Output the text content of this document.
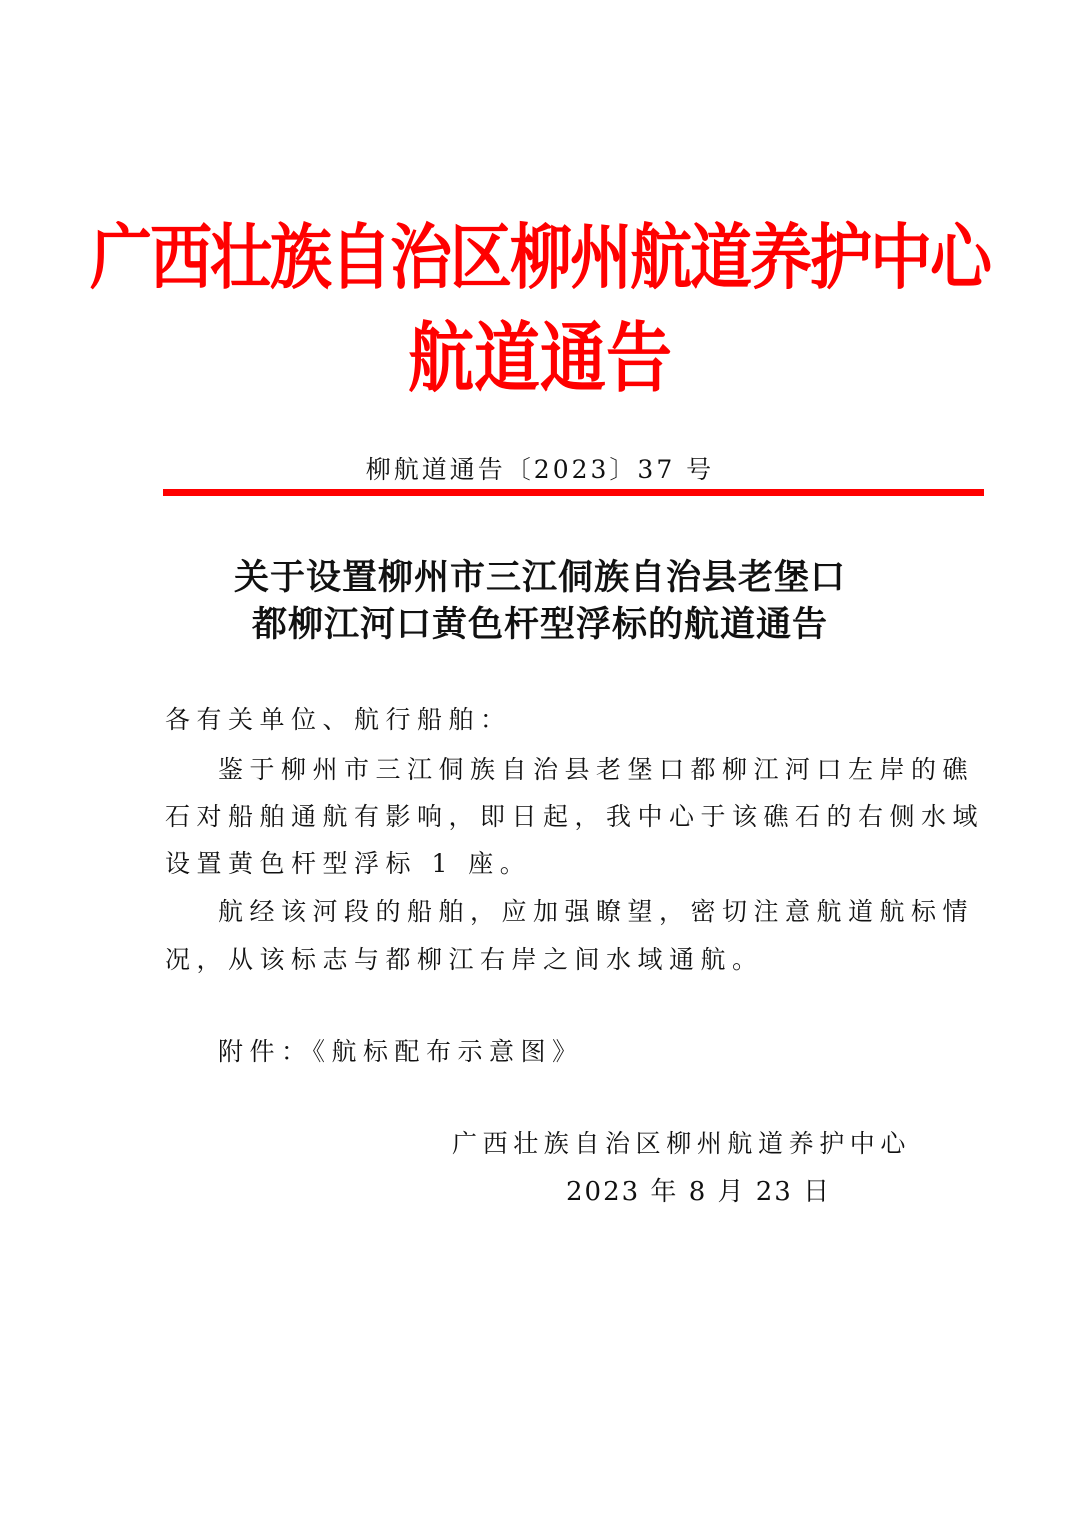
广西壮族自治区柳州航道养护中心
航道通告
柳航道通告〔2023〕37 号
关于设置柳州市三江侗族自治县老堡口
都柳江河口黄色杆型浮标的航道通告
各有关单位、航行船舶：
鉴于柳州市三江侗族自治县老堡口都柳江河口左岸的礁
石对船舶通航有影响，即日起，我中心于该礁石的右侧水域
设置黄色杆型浮标 1 座。
航经该河段的船舶，应加强瞭望，密切注意航道航标情
况，从该标志与都柳江右岸之间水域通航。
附件：《航标配布示意图》
广西壮族自治区柳州航道养护中心
2023 年 8 月 23 日
